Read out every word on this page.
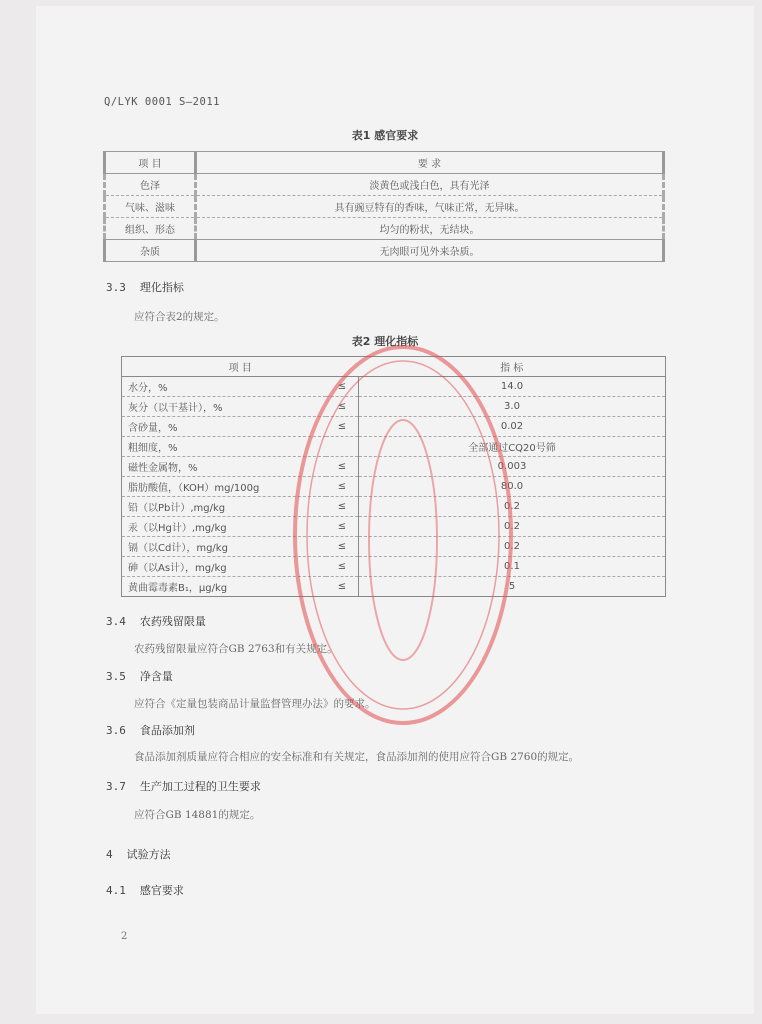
Q/LYK 0001 S—2011
表1 感官要求
项 目	要 求
色泽	淡黄色或浅白色，具有光泽
气味、滋味	具有豌豆特有的香味，气味正常，无异味。
组织、形态	均匀的粉状，无结块。
杂质	无肉眼可见外来杂质。
3.3 理化指标
应符合表2的规定。
表2 理化指标
项 目		指 标
水分，%	≤	14.0
灰分（以干基计），%	≤	3.0
含砂量，%	≤	0.02
粗细度，%		全部通过CQ20号筛
磁性金属物，%	≤	0.003
脂肪酸值，（KOH）mg/100g	≤	80.0
铅（以Pb计）,mg/kg	≤	0.2
汞（以Hg计）,mg/kg	≤	0.2
镉（以Cd计），mg/kg	≤	0.2
砷（以As计），mg/kg	≤	0.1
黄曲霉毒素B₁，μg/kg	≤	5
3.4 农药残留限量
农药残留限量应符合GB 2763和有关规定。
3.5 净含量
应符合《定量包装商品计量监督管理办法》的要求。
3.6 食品添加剂
食品添加剂质量应符合相应的安全标准和有关规定，食品添加剂的使用应符合GB 2760的规定。
3.7 生产加工过程的卫生要求
应符合GB 14881的规定。
4 试验方法
4.1 感官要求
2
